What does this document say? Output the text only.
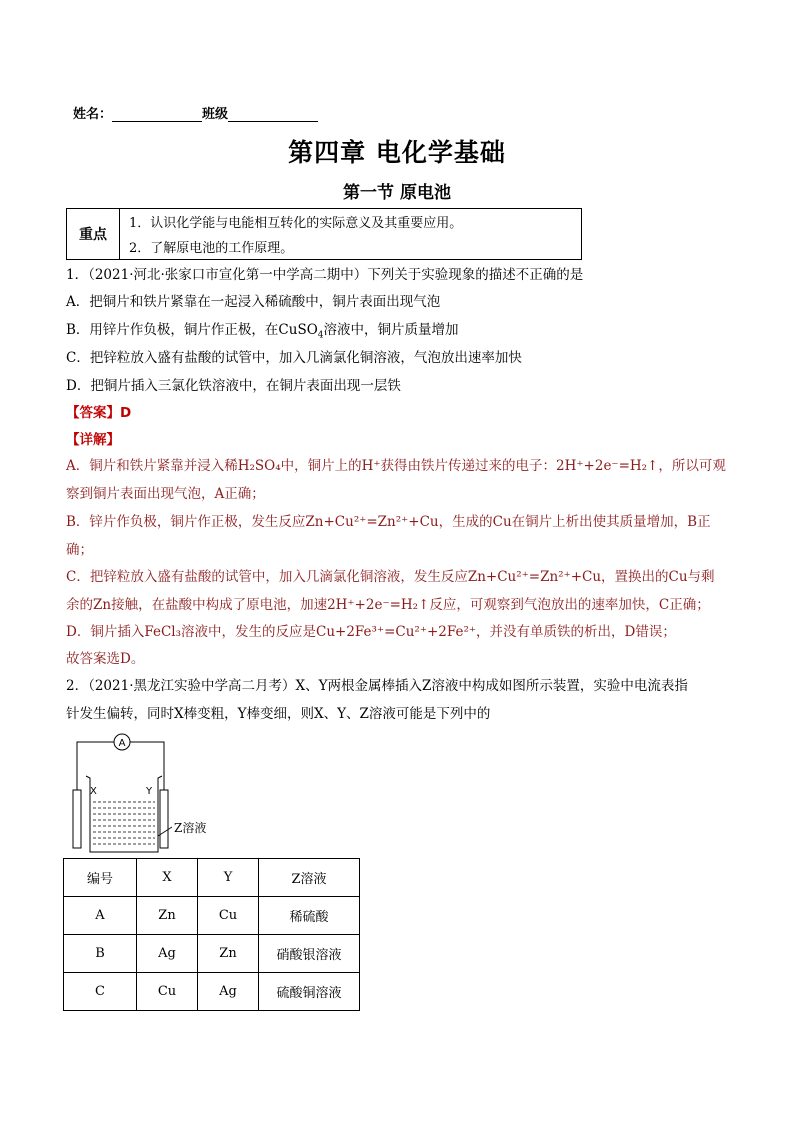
姓名：	班级
第四章 电化学基础
第一节 原电池
重点
1．认识化学能与电能相互转化的实际意义及其重要应用。
2．了解原电池的工作原理。
1．（2021·河北·张家口市宣化第一中学高二期中）下列关于实验现象的描述不正确的是
A．把铜片和铁片紧靠在一起浸入稀硫酸中，铜片表面出现气泡
B．用锌片作负极，铜片作正极，在CuSO$_4$溶液中，铜片质量增加
C．把锌粒放入盛有盐酸的试管中，加入几滴氯化铜溶液，气泡放出速率加快
D．把铜片插入三氯化铁溶液中，在铜片表面出现一层铁
【答案】D
【详解】
A．铜片和铁片紧靠并浸入稀H₂SO₄中，铜片上的H⁺获得由铁片传递过来的电子：2H⁺+2e⁻=H₂↑，所以可观
察到铜片表面出现气泡，A正确；
B．锌片作负极，铜片作正极，发生反应Zn+Cu²⁺=Zn²⁺+Cu，生成的Cu在铜片上析出使其质量增加，B正
确；
C．把锌粒放入盛有盐酸的试管中，加入几滴氯化铜溶液，发生反应Zn+Cu²⁺=Zn²⁺+Cu，置换出的Cu与剩
余的Zn接触，在盐酸中构成了原电池，加速2H⁺+2e⁻=H₂↑反应，可观察到气泡放出的速率加快，C正确；
D．铜片插入FeCl₃溶液中，发生的反应是Cu+2Fe³⁺=Cu²⁺+2Fe²⁺，并没有单质铁的析出，D错误；
故答案选D。
2．（2021·黑龙江实验中学高二月考）X、Y两根金属棒插入Z溶液中构成如图所示装置，实验中电流表指
针发生偏转，同时X棒变粗，Y棒变细，则X、Y、Z溶液可能是下列中的
A
X	Y
Z溶液
编号	X	Y	Z溶液
A	Zn	Cu	稀硫酸
B	Ag	Zn	硝酸银溶液
C	Cu	Ag	硫酸铜溶液
